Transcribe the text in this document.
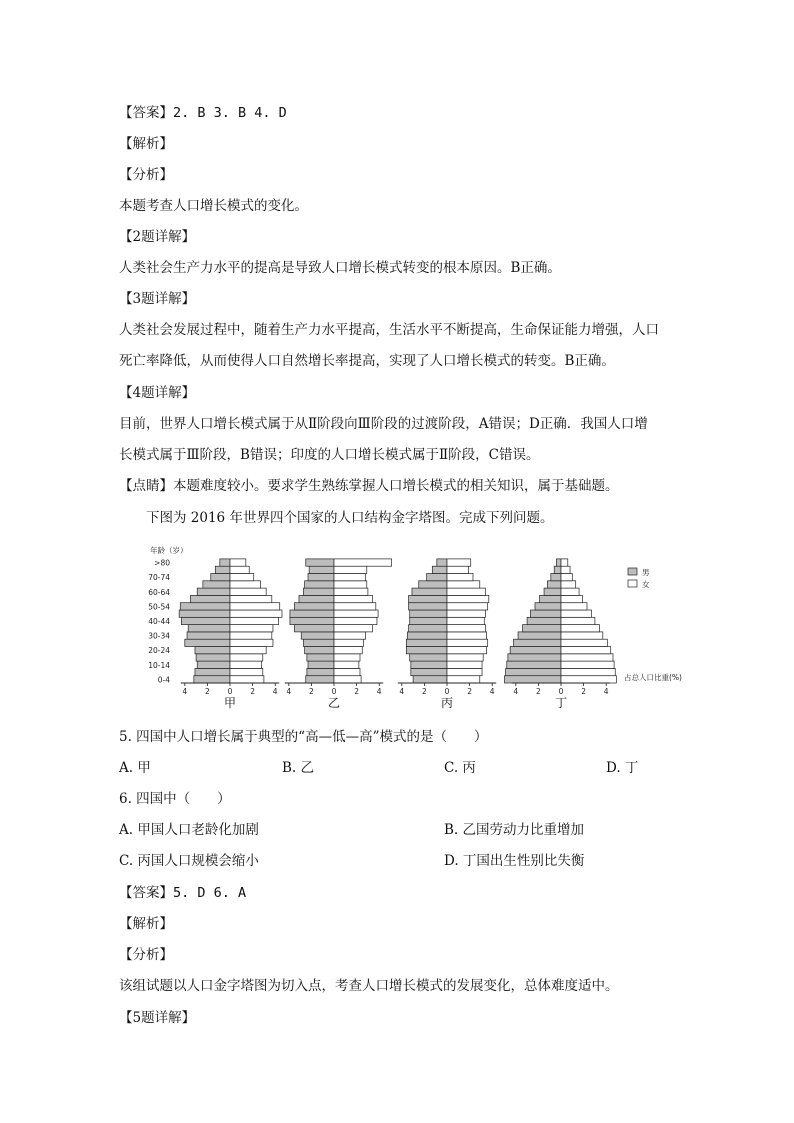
【答案】2. B 3. B 4. D
【解析】
【分析】
本题考查人口增长模式的变化。
【2题详解】
人类社会生产力水平的提高是导致人口增长模式转变的根本原因。B正确。
【3题详解】
人类社会发展过程中，随着生产力水平提高，生活水平不断提高，生命保证能力增强，人口
死亡率降低，从而使得人口自然增长率提高，实现了人口增长模式的转变。B正确。
【4题详解】
目前，世界人口增长模式属于从Ⅱ阶段向Ⅲ阶段的过渡阶段，A错误；D正确．我国人口增
长模式属于Ⅲ阶段，B错误；印度的人口增长模式属于Ⅱ阶段，C错误。
【点睛】本题难度较小。要求学生熟练掌握人口增长模式的相关知识，属于基础题。
下图为 2016 年世界四个国家的人口结构金字塔图。完成下列问题。
年龄（岁）
>80
70-74
60-64
50-54
40-44
30-34
20-24
10-14
0-4
4 2 0 2 4
甲
4 2 0 2 4
乙
4 2 0 2 4
丙
4 2 0 2 4
丁
男
女
占总人口比重(%)
5. 四国中人口增长属于典型的“高—低—高”模式的是（　　）
A. 甲	B. 乙	C. 丙	D. 丁
6. 四国中（　　）
A. 甲国人口老龄化加剧	B. 乙国劳动力比重增加
C. 丙国人口规模会缩小	D. 丁国出生性别比失衡
【答案】5. D 6. A
【解析】
【分析】
该组试题以人口金字塔图为切入点，考查人口增长模式的发展变化，总体难度适中。
【5题详解】
